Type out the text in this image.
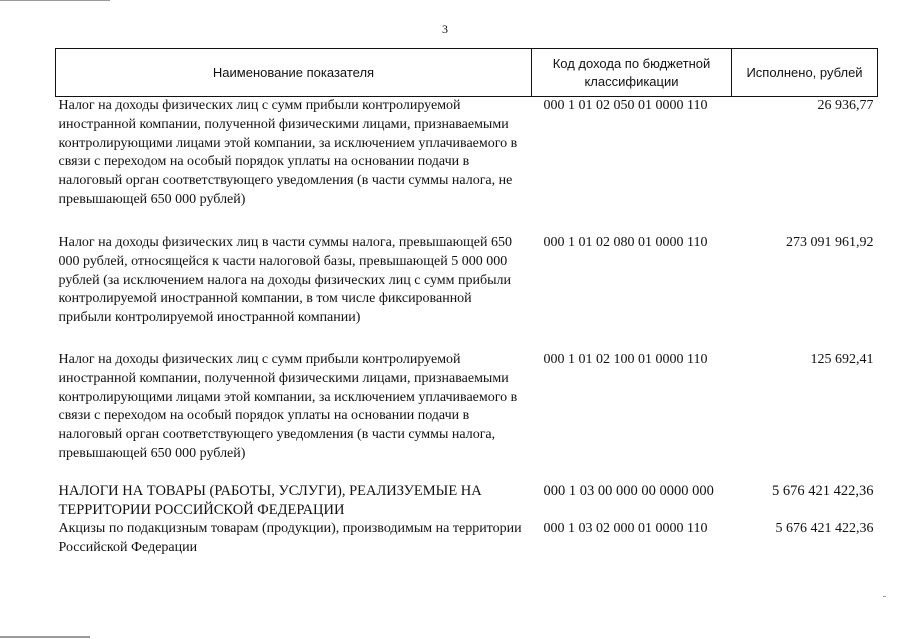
3
Наименование показателя	Код дохода по бюджетной классификации	Исполнено, рублей
Налог на доходы физических лиц с сумм прибыли контролируемой иностранной компании, полученной физическими лицами, признаваемыми контролирующими лицами этой компании, за исключением уплачиваемого в связи с переходом на особый порядок уплаты на основании подачи в налоговый орган соответствующего уведомления (в части суммы налога, не превышающей 650 000 рублей)	000 1 01 02 050 01 0000 110	26 936,77
Налог на доходы физических лиц в части суммы налога, превышающей 650 000 рублей, относящейся к части налоговой базы, превышающей 5 000 000 рублей (за исключением налога на доходы физических лиц с сумм прибыли контролируемой иностранной компании, в том числе фиксированной прибыли контролируемой иностранной компании)	000 1 01 02 080 01 0000 110	273 091 961,92
Налог на доходы физических лиц с сумм прибыли контролируемой иностранной компании, полученной физическими лицами, признаваемыми контролирующими лицами этой компании, за исключением уплачиваемого в связи с переходом на особый порядок уплаты на основании подачи в налоговый орган соответствующего уведомления (в части суммы налога, превышающей 650 000 рублей)	000 1 01 02 100 01 0000 110	125 692,41
НАЛОГИ НА ТОВАРЫ (РАБОТЫ, УСЛУГИ), РЕАЛИЗУЕМЫЕ НА ТЕРРИТОРИИ РОССИЙСКОЙ ФЕДЕРАЦИИ	000 1 03 00 000 00 0000 000	5 676 421 422,36
Акцизы по подакцизным товарам (продукции), производимым на территории Российской Федерации	000 1 03 02 000 01 0000 110	5 676 421 422,36
